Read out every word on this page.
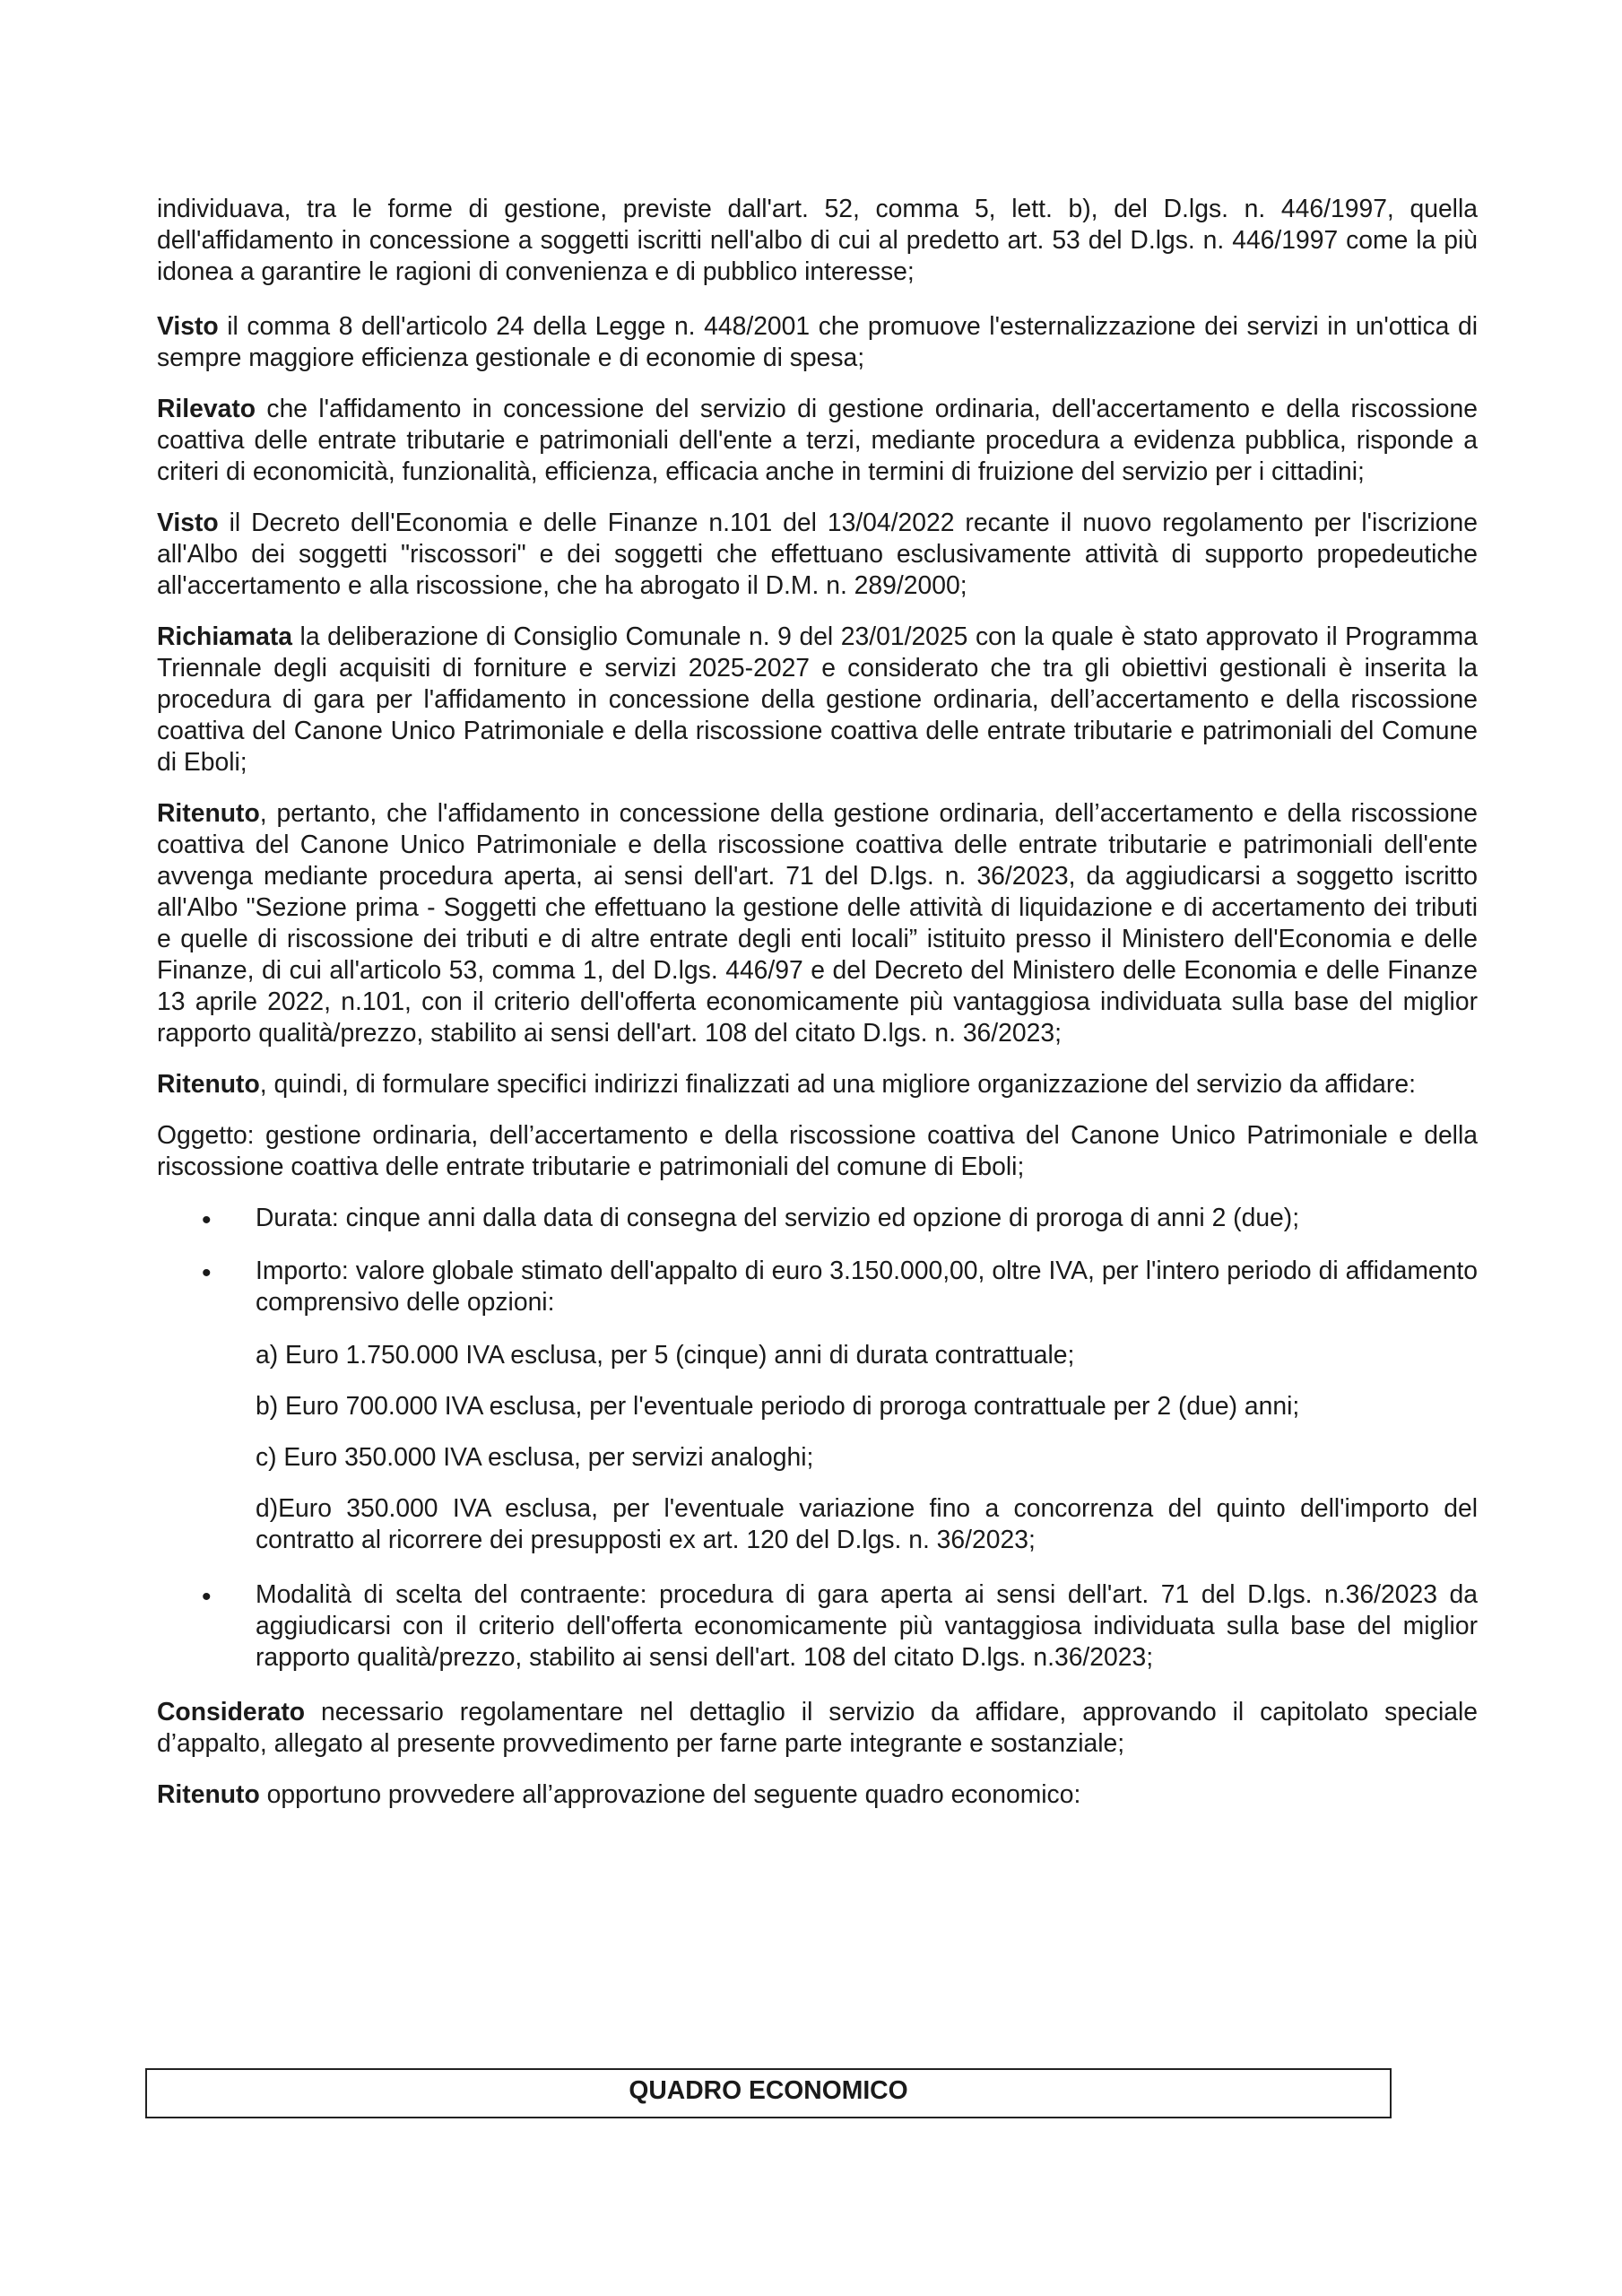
individuava, tra le forme di gestione, previste dall'art. 52, comma 5, lett. b), del D.lgs. n. 446/1997, quella dell'affidamento in concessione a soggetti iscritti nell'albo di cui al predetto art. 53 del D.lgs. n. 446/1997 come la più idonea a garantire le ragioni di convenienza e di pubblico interesse;

Visto il comma 8 dell'articolo 24 della Legge n. 448/2001 che promuove l'esternalizzazione dei servizi in un'ottica di sempre maggiore efficienza gestionale e di economie di spesa;

Rilevato che l'affidamento in concessione del servizio di gestione ordinaria, dell'accertamento e della riscossione coattiva delle entrate tributarie e patrimoniali dell'ente a terzi, mediante procedura a evidenza pubblica, risponde a criteri di economicità, funzionalità, efficienza, efficacia anche in termini di fruizione del servizio per i cittadini;

Visto il Decreto dell'Economia e delle Finanze n.101 del 13/04/2022 recante il nuovo regolamento per l'iscrizione all'Albo dei soggetti "riscossori" e dei soggetti che effettuano esclusivamente attività di supporto propedeutiche all'accertamento e alla riscossione, che ha abrogato il D.M. n. 289/2000;

Richiamata la deliberazione di Consiglio Comunale n. 9 del 23/01/2025 con la quale è stato approvato il Programma Triennale degli acquisiti di forniture e servizi 2025-2027 e considerato che tra gli obiettivi gestionali è inserita la procedura di gara per l'affidamento in concessione della gestione ordinaria, dell’accertamento e della riscossione coattiva del Canone Unico Patrimoniale e della riscossione coattiva delle entrate tributarie e patrimoniali del Comune di Eboli;

Ritenuto, pertanto, che l'affidamento in concessione della gestione ordinaria, dell’accertamento e della riscossione coattiva del Canone Unico Patrimoniale e della riscossione coattiva delle entrate tributarie e patrimoniali dell'ente avvenga mediante procedura aperta, ai sensi dell'art. 71 del D.lgs. n. 36/2023, da aggiudicarsi a soggetto iscritto all'Albo "Sezione prima - Soggetti che effettuano la gestione delle attività di liquidazione e di accertamento dei tributi e quelle di riscossione dei tributi e di altre entrate degli enti locali” istituito presso il Ministero dell'Economia e delle Finanze, di cui all'articolo 53, comma 1, del D.lgs. 446/97 e del Decreto del Ministero delle Economia e delle Finanze 13 aprile 2022, n.101, con il criterio dell'offerta economicamente più vantaggiosa individuata sulla base del miglior rapporto qualità/prezzo, stabilito ai sensi dell'art. 108 del citato D.lgs. n. 36/2023;

Ritenuto, quindi, di formulare specifici indirizzi finalizzati ad una migliore organizzazione del servizio da affidare:

Oggetto: gestione ordinaria, dell’accertamento e della riscossione coattiva del Canone Unico Patrimoniale e della riscossione coattiva delle entrate tributarie e patrimoniali del comune di Eboli;

• Durata: cinque anni dalla data di consegna del servizio ed opzione di proroga di anni 2 (due);
• Importo: valore globale stimato dell'appalto di euro 3.150.000,00, oltre IVA, per l'intero periodo di affidamento comprensivo delle opzioni:

a) Euro 1.750.000 IVA esclusa, per 5 (cinque) anni di durata contrattuale;

b) Euro 700.000 IVA esclusa, per l'eventuale periodo di proroga contrattuale per 2 (due) anni;

c) Euro 350.000 IVA esclusa, per servizi analoghi;

d)Euro 350.000 IVA esclusa, per l'eventuale variazione fino a concorrenza del quinto dell'importo del contratto al ricorrere dei presupposti ex art. 120 del D.lgs. n. 36/2023;

• Modalità di scelta del contraente: procedura di gara aperta ai sensi dell'art. 71 del D.lgs. n.36/2023 da aggiudicarsi con il criterio dell'offerta economicamente più vantaggiosa individuata sulla base del miglior rapporto qualità/prezzo, stabilito ai sensi dell'art. 108 del citato D.lgs. n.36/2023;

Considerato necessario regolamentare nel dettaglio il servizio da affidare, approvando il capitolato speciale d’appalto, allegato al presente provvedimento per farne parte integrante e sostanziale;

Ritenuto opportuno provvedere all’approvazione del seguente quadro economico:

QUADRO ECONOMICO
